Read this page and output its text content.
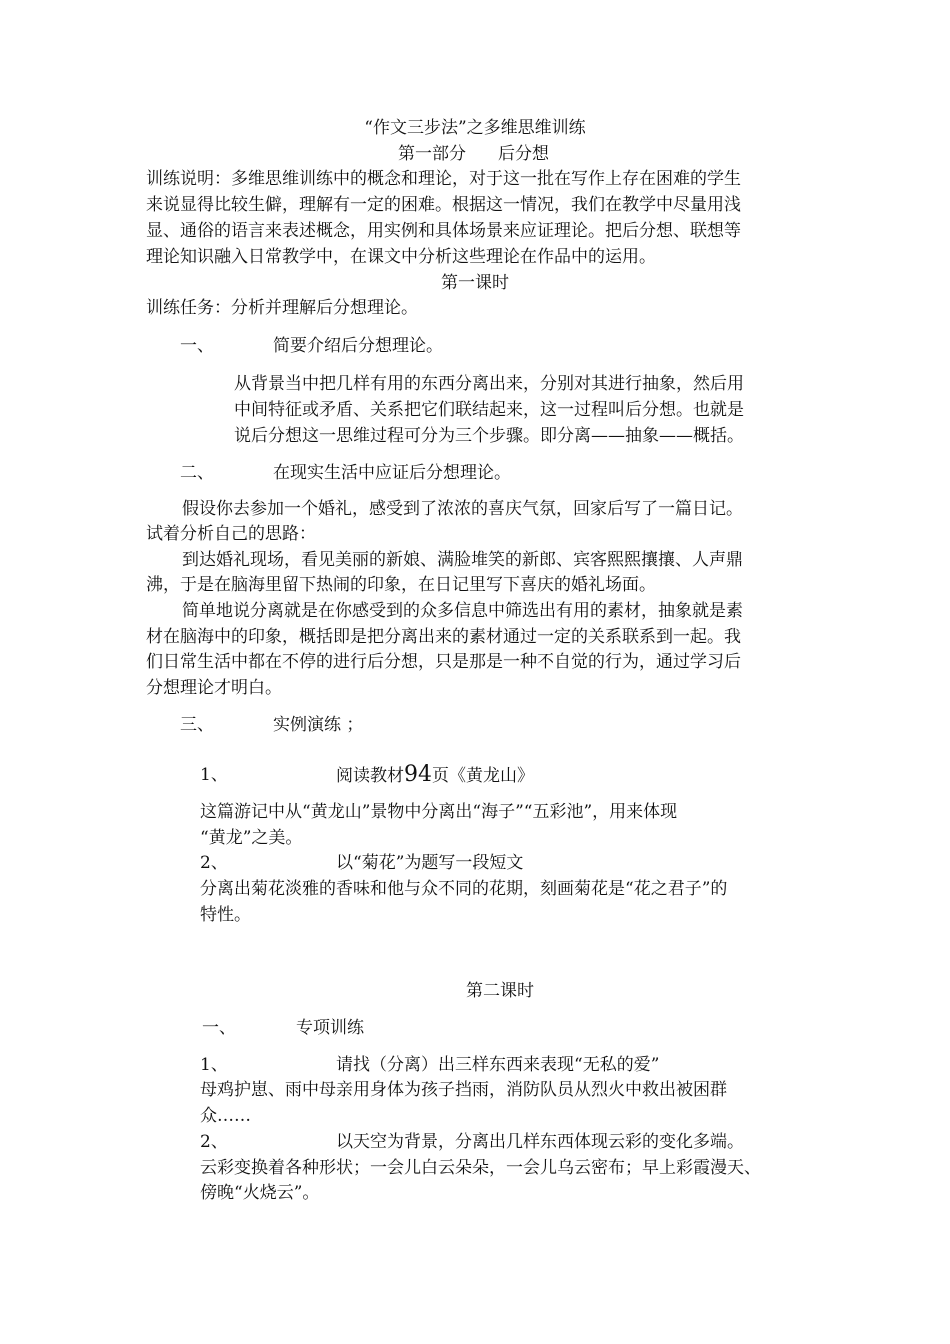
“作文三步法”之多维思维训练
第一部分 后分想
训练说明：多维思维训练中的概念和理论，对于这一批在写作上存在困难的学生
来说显得比较生僻，理解有一定的困难。根据这一情况，我们在教学中尽量用浅
显、通俗的语言来表述概念，用实例和具体场景来应证理论。把后分想、联想等
理论知识融入日常教学中，在课文中分析这些理论在作品中的运用。
第一课时
训练任务：分析并理解后分想理论。
一、	简要介绍后分想理论。
从背景当中把几样有用的东西分离出来，分别对其进行抽象，然后用
中间特征或矛盾、关系把它们联结起来，这一过程叫后分想。也就是
说后分想这一思维过程可分为三个步骤。即分离——抽象——概括。
二、	在现实生活中应证后分想理论。
假设你去参加一个婚礼，感受到了浓浓的喜庆气氛，回家后写了一篇日记。
试着分析自己的思路：
到达婚礼现场，看见美丽的新娘、满脸堆笑的新郎、宾客熙熙攘攘、人声鼎
沸，于是在脑海里留下热闹的印象，在日记里写下喜庆的婚礼场面。
简单地说分离就是在你感受到的众多信息中筛选出有用的素材，抽象就是素
材在脑海中的印象，概括即是把分离出来的素材通过一定的关系联系到一起。我
们日常生活中都在不停的进行后分想，只是那是一种不自觉的行为，通过学习后
分想理论才明白。
三、	实例演练 ；
1、	阅读教材94页《黄龙山》
这篇游记中从“黄龙山”景物中分离出“海子”“五彩池”，用来体现
“黄龙”之美。
2、	以“菊花”为题写一段短文
分离出菊花淡雅的香味和他与众不同的花期，刻画菊花是“花之君子”的
特性。
第二课时
一、	专项训练
1、	请找（分离）出三样东西来表现“无私的爱”
母鸡护崽、雨中母亲用身体为孩子挡雨，消防队员从烈火中救出被困群
众……
2、	以天空为背景，分离出几样东西体现云彩的变化多端。
云彩变换着各种形状；一会儿白云朵朵，一会儿乌云密布；早上彩霞漫天、
傍晚“火烧云”。
